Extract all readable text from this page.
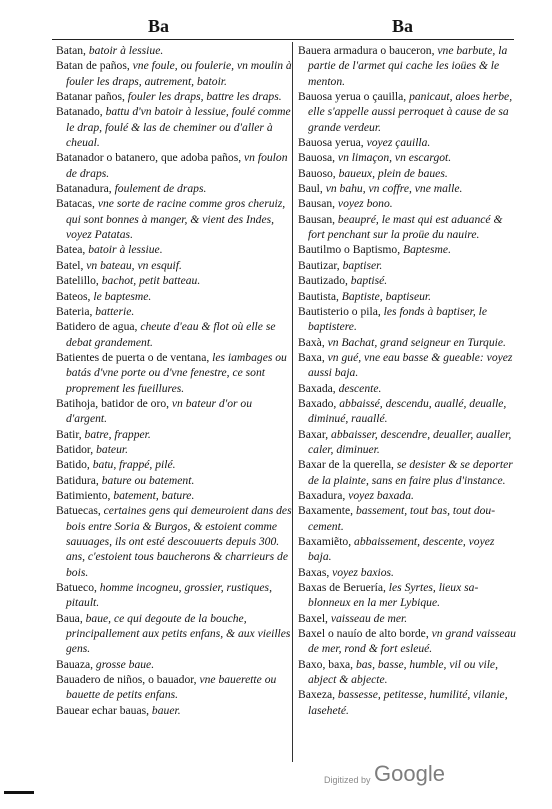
Ba	Ba

Batan, batoir à lessiue.

Batan de paños, vne foule, ou foulerie, vn moulin à fouler les draps, autrement, batoir.

Batanar paños, fouler les draps, battre les draps.

Batanado, battu d'vn batoir à lessiue, foulé comme le drap, foulé & las de cheminer ou d'aller à cheual.

Batanador o batanero, que adoba paños, vn foulon de draps.

Batanadura, foulement de draps.

Batacas, vne sorte de racine comme gros cheruiz, qui sont bonnes à manger, & vient des Indes, voyez Patatas.

Batea, batoir à lessiue.

Batel, vn bateau, vn esquif.

Batelillo, bachot, petit batteau.

Bateos, le baptesme.

Bateria, batterie.

Batidero de agua, cheute d'eau & flot où elle se debat grandement.

Batientes de puerta o de ventana, les iambages ou batás d'vne porte ou d'vne fenestre, ce sont proprement les fueillures.

Batihoja, batidor de oro, vn bateur d'or ou d'argent.

Batir, batre, frapper.

Batidor, bateur.

Batido, batu, frappé, pilé.

Batidura, bature ou batement.

Batimiento, batement, bature.

Batuecas, certaines gens qui demeuroient dans des bois entre Soria & Burgos, & estoient comme sauuages, ils ont esté descouuerts depuis 300. ans, c'estoient tous baucherons & charrieurs de bois.

Batueco, homme incogneu, grossier, rustiques, pitault.

Baua, baue, ce qui degoute de la bouche, principallement aux petits enfans, & aux vieilles gens.

Bauaza, grosse baue.

Bauadero de niños, o bauador, vne bauerette ou bauette de petits enfans.

Bauear echar bauas, bauer.

Bauera armadura o bauceron, vne barbute, la partie de l'armet qui cache les ioües & le menton.

Bauosa yerua o çauilla, panicaut, aloes herbe, elle s'appelle aussi perroquet à cause de sa grande verdeur.

Bauosa yerua, voyez çauilla.

Bauosa, vn limaçon, vn escargot.

Bauoso, baueux, plein de baues.

Baul, vn bahu, vn coffre, vne malle.

Bausan, voyez bono.

Bausan, beaupré, le mast qui est aduancé & fort penchant sur la proüe du nauire.

Bautilmo o Baptismo, Baptesme.

Bautizar, baptiser.

Bautizado, baptisé.

Bautista, Baptiste, baptiseur.

Bautisterio o pila, les fonds à baptiser, le baptistere.

Baxà, vn Bachat, grand seigneur en Turquie.

Baxa, vn gué, vne eau basse & gueable: voyez aussi baja.

Baxada, descente.

Baxado, abbaissé, descendu, auallé, deualle, diminué, rauallé.

Baxar, abbaisser, descendre, deualler, aualler, caler, diminuer.

Baxar de la querella, se desister & se deporter de la plainte, sans en faire plus d'instance.

Baxadura, voyez baxada.

Baxamente, bassement, tout bas, tout doucement.

Baxamiẽto, abbaissement, descente, voyez baja.

Baxas, voyez baxios.

Baxas de Beruería, les Syrtes, lieux sablonneux en la mer Lybique.

Baxel, vaisseau de mer.

Baxel o nauío de alto borde, vn grand vaisseau de mer, rond & fort esleué.

Baxo, baxa, bas, basse, humble, vil ou vile, abject & abjecte.

Baxeza, bassesse, petitesse, humilité, vilanie, laseheté.

Digitized by Google
